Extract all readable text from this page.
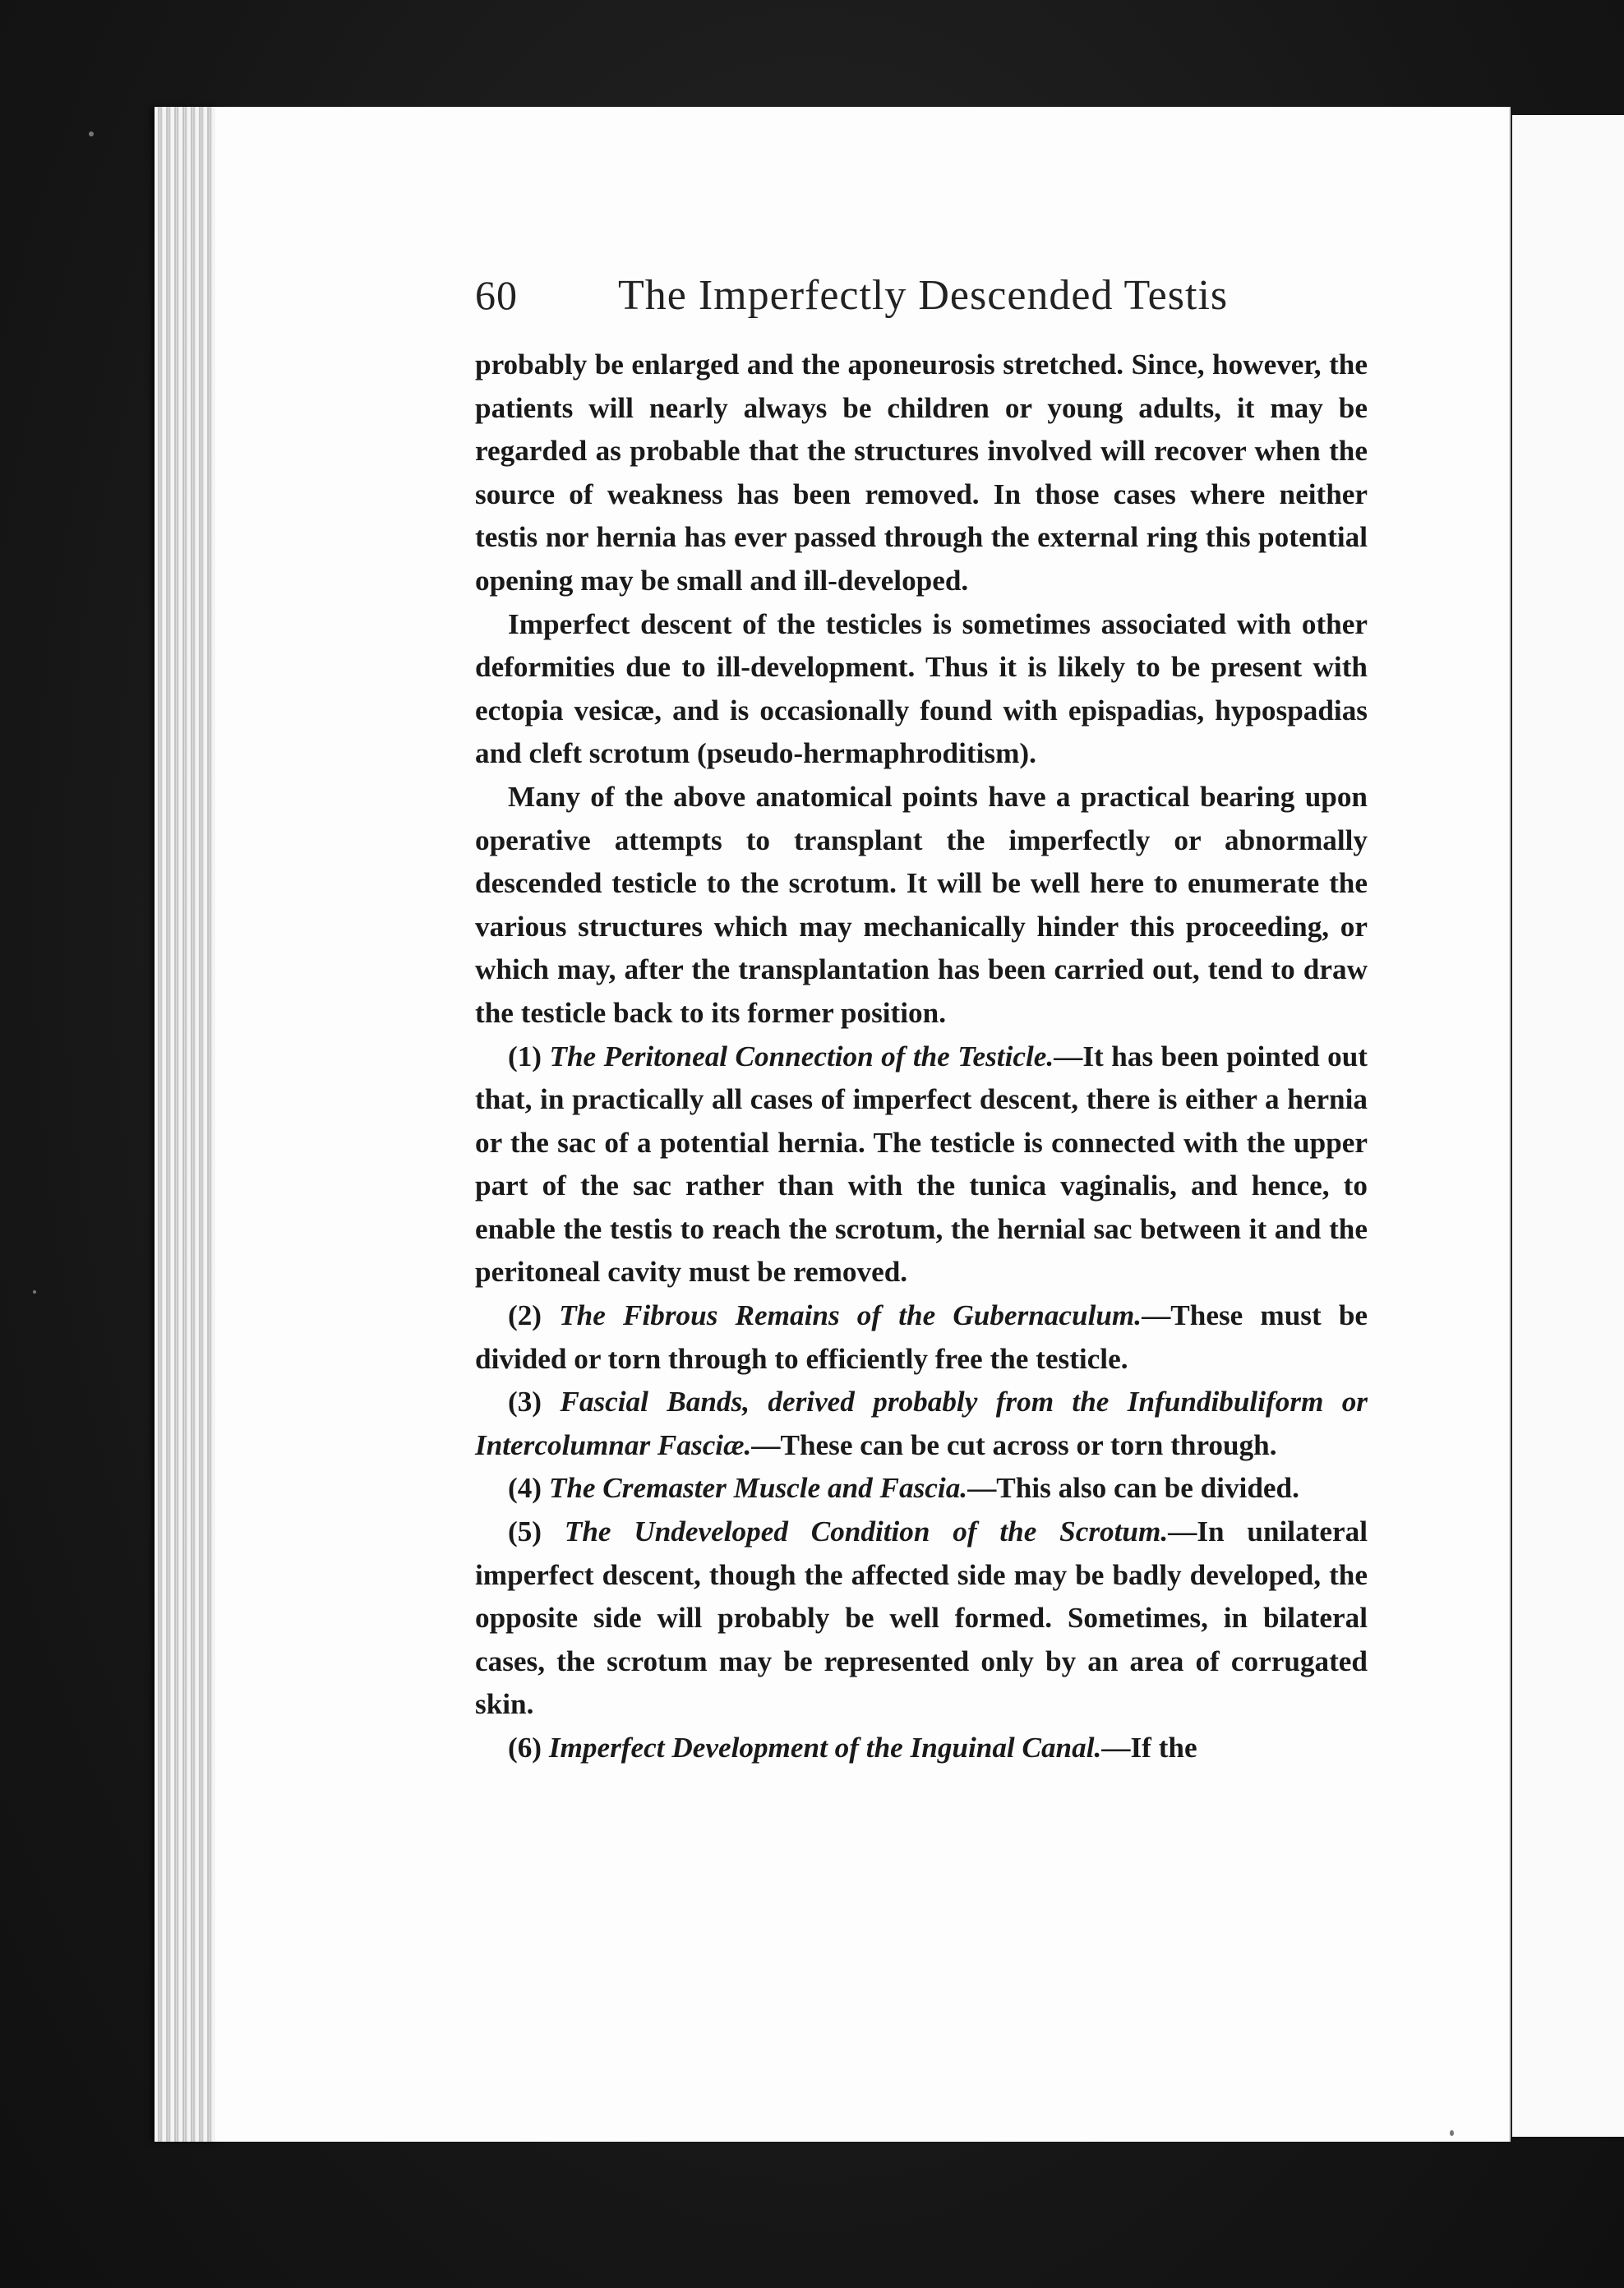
60 The Imperfectly Descended Testis

probably be enlarged and the aponeurosis stretched. Since, however, the patients will nearly always be children or young adults, it may be regarded as probable that the structures involved will recover when the source of weakness has been removed. In those cases where neither testis nor hernia has ever passed through the external ring this potential opening may be small and ill-developed.

Imperfect descent of the testicles is sometimes associated with other deformities due to ill-development. Thus it is likely to be present with ectopia vesicæ, and is occasionally found with epispadias, hypospadias and cleft scrotum (pseudo-hermaphroditism).

Many of the above anatomical points have a practical bearing upon operative attempts to transplant the imperfectly or abnormally descended testicle to the scrotum. It will be well here to enumerate the various structures which may mechanically hinder this proceeding, or which may, after the transplantation has been carried out, tend to draw the testicle back to its former position.

(1) The Peritoneal Connection of the Testicle.—It has been pointed out that, in practically all cases of imperfect descent, there is either a hernia or the sac of a potential hernia. The testicle is connected with the upper part of the sac rather than with the tunica vaginalis, and hence, to enable the testis to reach the scrotum, the hernial sac between it and the peritoneal cavity must be removed.

(2) The Fibrous Remains of the Gubernaculum.—These must be divided or torn through to efficiently free the testicle.

(3) Fascial Bands, derived probably from the Infundibuliform or Intercolumnar Fasciæ.—These can be cut across or torn through.

(4) The Cremaster Muscle and Fascia.—This also can be divided.

(5) The Undeveloped Condition of the Scrotum.—In unilateral imperfect descent, though the affected side may be badly developed, the opposite side will probably be well formed. Sometimes, in bilateral cases, the scrotum may be represented only by an area of corrugated skin.

(6) Imperfect Development of the Inguinal Canal.—If the
